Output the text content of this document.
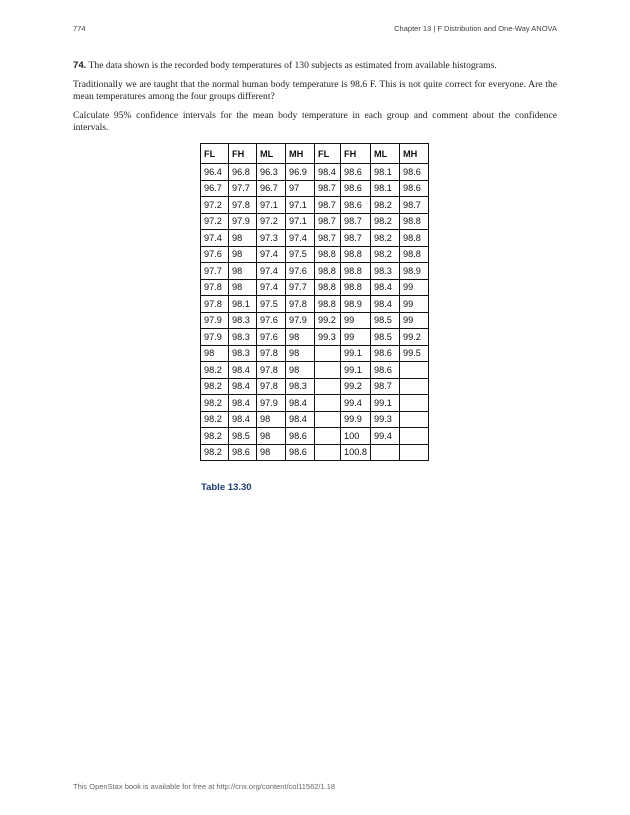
774	Chapter 13 | F Distribution and One-Way ANOVA

74. The data shown is the recorded body temperatures of 130 subjects as estimated from available histograms.

Traditionally we are taught that the normal human body temperature is 98.6 F. This is not quite correct for everyone. Are the mean temperatures among the four groups different?

Calculate 95% confidence intervals for the mean body temperature in each group and comment about the confidence intervals.

FL	FH	ML	MH	FL	FH	ML	MH
96.4	96.8	96.3	96.9	98.4	98.6	98.1	98.6
96.7	97.7	96.7	97	98.7	98.6	98.1	98.6
97.2	97.8	97.1	97.1	98.7	98.6	98.2	98.7
97.2	97.9	97.2	97.1	98.7	98.7	98.2	98.8
97.4	98	97.3	97.4	98.7	98.7	98.2	98.8
97.6	98	97.4	97.5	98.8	98.8	98.2	98.8
97.7	98	97.4	97.6	98.8	98.8	98.3	98.9
97.8	98	97.4	97.7	98.8	98.8	98.4	99
97.8	98.1	97.5	97.8	98.8	98.9	98.4	99
97.9	98.3	97.6	97.9	99.2	99	98.5	99
97.9	98.3	97.6	98	99.3	99	98.5	99.2
98	98.3	97.8	98		99.1	98.6	99.5
98.2	98.4	97.8	98		99.1	98.6	
98.2	98.4	97.8	98.3		99.2	98.7	
98.2	98.4	97.9	98.4		99.4	99.1	
98.2	98.4	98	98.4		99.9	99.3	
98.2	98.5	98	98.6		100	99.4	
98.2	98.6	98	98.6		100.8		
Table 13.30
This OpenStax book is available for free at http://cnx.org/content/col11562/1.18
